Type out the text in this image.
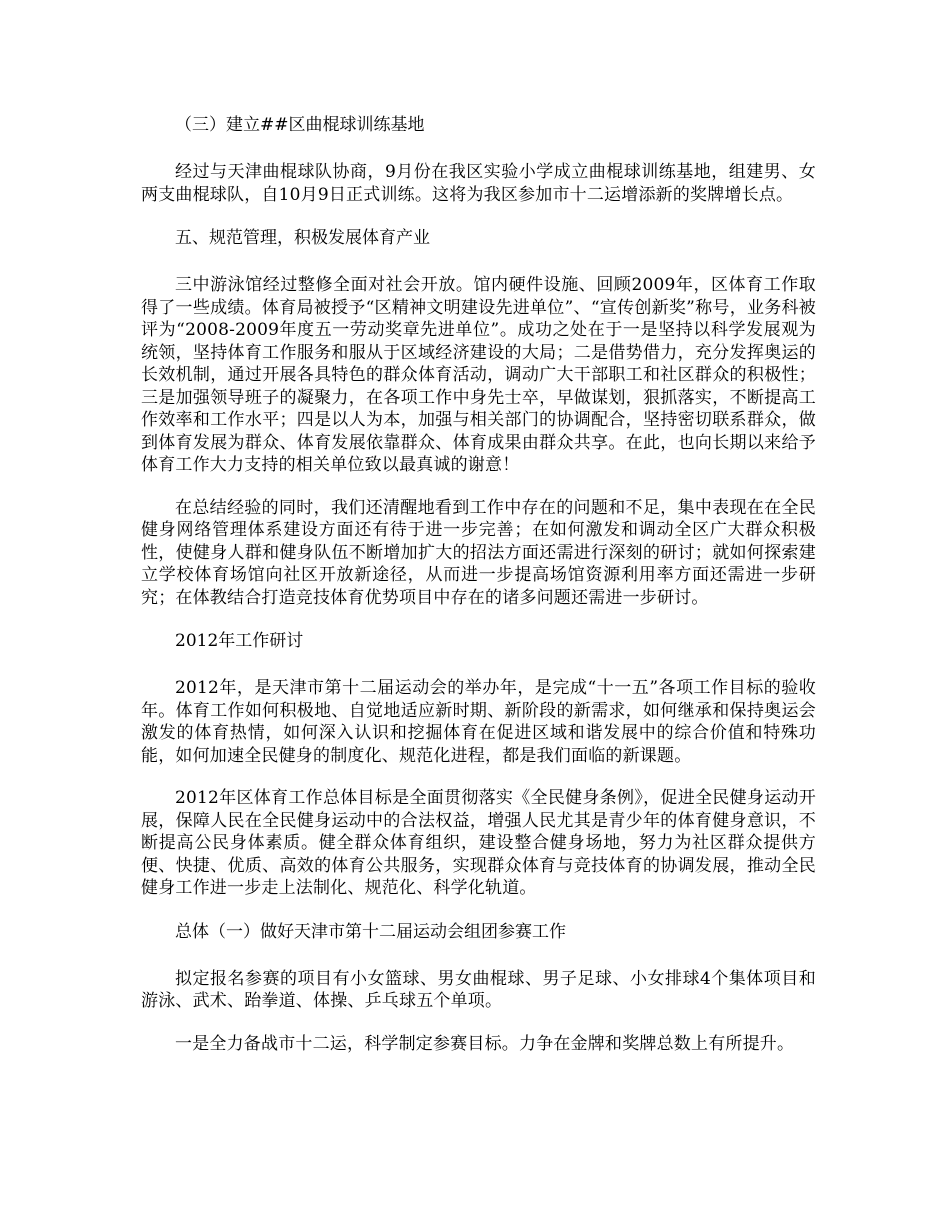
（三）建立##区曲棍球训练基地

经过与天津曲棍球队协商，9月份在我区实验小学成立曲棍球训练基地，组建男、女两支曲棍球队，自10月9日正式训练。这将为我区参加市十二运增添新的奖牌增长点。

五、规范管理，积极发展体育产业

三中游泳馆经过整修全面对社会开放。馆内硬件设施、回顾2009年，区体育工作取得了一些成绩。体育局被授予“区精神文明建设先进单位”、“宣传创新奖”称号，业务科被评为“2008-2009年度五一劳动奖章先进单位”。成功之处在于一是坚持以科学发展观为统领，坚持体育工作服务和服从于区域经济建设的大局；二是借势借力，充分发挥奥运的长效机制，通过开展各具特色的群众体育活动，调动广大干部职工和社区群众的积极性；三是加强领导班子的凝聚力，在各项工作中身先士卒，早做谋划，狠抓落实，不断提高工作效率和工作水平；四是以人为本，加强与相关部门的协调配合，坚持密切联系群众，做到体育发展为群众、体育发展依靠群众、体育成果由群众共享。在此，也向长期以来给予体育工作大力支持的相关单位致以最真诚的谢意！

在总结经验的同时，我们还清醒地看到工作中存在的问题和不足，集中表现在在全民健身网络管理体系建设方面还有待于进一步完善；在如何激发和调动全区广大群众积极性，使健身人群和健身队伍不断增加扩大的招法方面还需进行深刻的研讨；就如何探索建立学校体育场馆向社区开放新途径，从而进一步提高场馆资源利用率方面还需进一步研究；在体教结合打造竞技体育优势项目中存在的诸多问题还需进一步研讨。

2012年工作研讨

2012年，是天津市第十二届运动会的举办年，是完成“十一五”各项工作目标的验收年。体育工作如何积极地、自觉地适应新时期、新阶段的新需求，如何继承和保持奥运会激发的体育热情，如何深入认识和挖掘体育在促进区域和谐发展中的综合价值和特殊功能，如何加速全民健身的制度化、规范化进程，都是我们面临的新课题。

2012年区体育工作总体目标是全面贯彻落实《全民健身条例》，促进全民健身运动开展，保障人民在全民健身运动中的合法权益，增强人民尤其是青少年的体育健身意识，不断提高公民身体素质。健全群众体育组织，建设整合健身场地，努力为社区群众提供方便、快捷、优质、高效的体育公共服务，实现群众体育与竞技体育的协调发展，推动全民健身工作进一步走上法制化、规范化、科学化轨道。

总体（一）做好天津市第十二届运动会组团参赛工作

拟定报名参赛的项目有小女篮球、男女曲棍球、男子足球、小女排球4个集体项目和游泳、武术、跆拳道、体操、乒乓球五个单项。

一是全力备战市十二运，科学制定参赛目标。力争在金牌和奖牌总数上有所提升。
